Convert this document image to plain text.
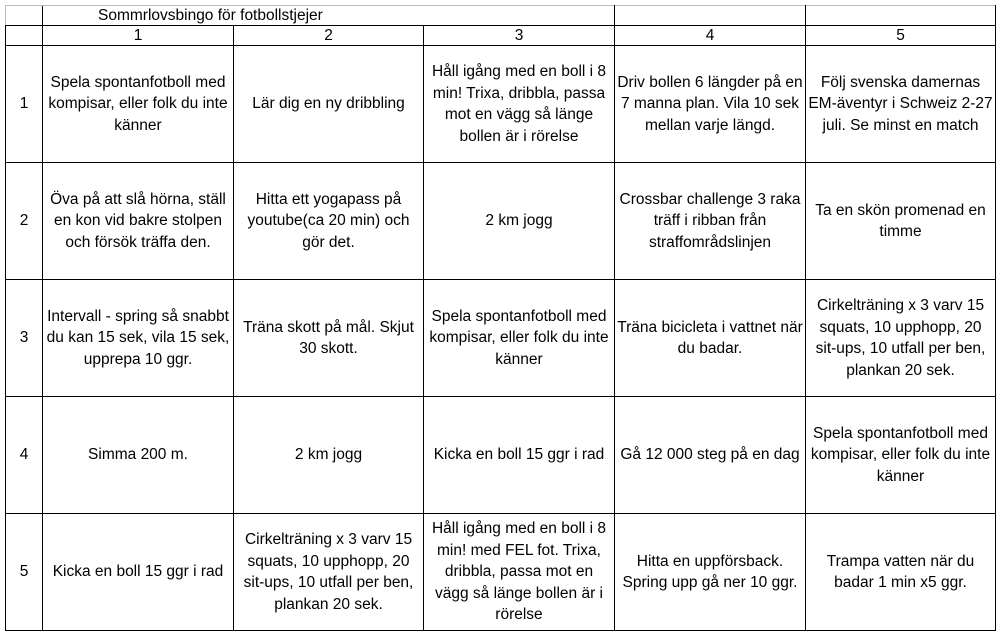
	Sommrlovsbingo för fotbollstjejer				
	1	2	3	4	5
1	Spela spontanfotboll med kompisar, eller folk du inte känner	Lär dig en ny dribbling	Håll igång med en boll i 8 min! Trixa, dribbla, passa mot en vägg så länge bollen är i rörelse	Driv bollen 6 längder på en 7 manna plan. Vila 10 sek mellan varje längd.	Följ svenska damernas EM-äventyr i Schweiz 2-27 juli. Se minst en match
2	Öva på att slå hörna, ställ en kon vid bakre stolpen och försök träffa den.	Hitta ett yogapass på youtube(ca 20 min) och gör det.	2 km jogg	Crossbar challenge 3 raka träff i ribban från straffområdslinjen	Ta en skön promenad en timme
3	Intervall - spring så snabbt du kan 15 sek, vila 15 sek, upprepa 10 ggr.	Träna skott på mål. Skjut 30 skott.	Spela spontanfotboll med kompisar, eller folk du inte känner	Träna bicicleta i vattnet när du badar.	Cirkelträning x 3 varv 15 squats, 10 upphopp, 20 sit-ups, 10 utfall per ben, plankan 20 sek.
4	Simma 200 m.	2 km jogg	Kicka en boll 15 ggr i rad	Gå 12 000 steg på en dag	Spela spontanfotboll med kompisar, eller folk du inte känner
5	Kicka en boll 15 ggr i rad	Cirkelträning x 3 varv 15 squats, 10 upphopp, 20 sit-ups, 10 utfall per ben, plankan 20 sek.	Håll igång med en boll i 8 min! med FEL fot. Trixa, dribbla, passa mot en vägg så länge bollen är i rörelse	Hitta en uppförsback. Spring upp gå ner 10 ggr.	Trampa vatten när du badar 1 min x5 ggr.
